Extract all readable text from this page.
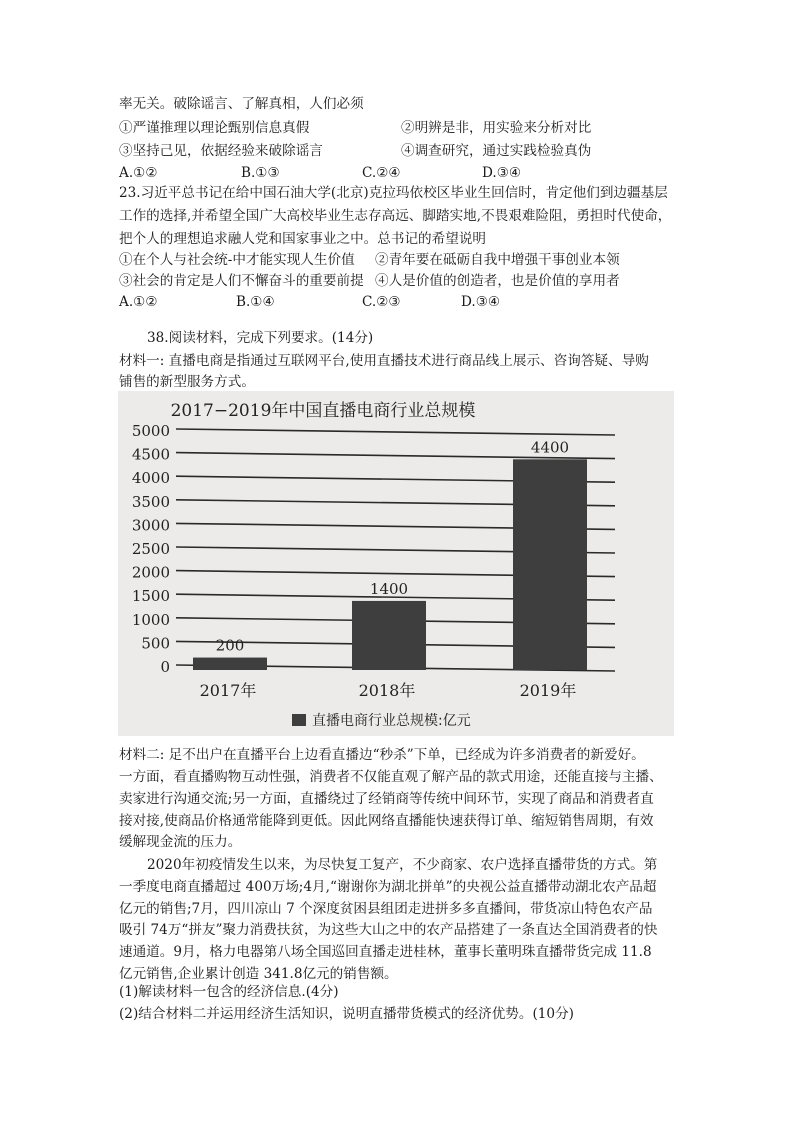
率无关。破除谣言、了解真相，人们必须
①严谨推理以理论甄别信息真假	②明辨是非，用实验来分析对比
③坚持己见，依据经验来破除谣言	④调查研究，通过实践检验真伪
A.①②	B.①③	C.②④	D.③④
23.习近平总书记在给中国石油大学(北京)克拉玛依校区毕业生回信时，肯定他们到边疆基层
工作的选择,并希望全国广大高校毕业生志存高远、脚踏实地,不畏艰难险阻，勇担时代使命，
把个人的理想追求融人党和国家事业之中。总书记的希望说明
①在个人与社会统-中才能实现人生价值 ②青年要在砥砺自我中增强干事创业本领
③社会的肯定是人们不懈奋斗的重要前提 ④人是价值的创造者，也是价值的享用者
A.①②	B.①④	C.②③	D.③④
38.阅读材料，完成下列要求。(14分)
材料一: 直播电商是指通过互联网平台,使用直播技术进行商品线上展示、咨询答疑、导购
铺售的新型服务方式。
0
500
1000
1500
2000
2500
3000
3500
4000
4500
5000
2017年	2018年	2019年
200
1400
4400
2017−2019年中国直播电商行业总规模
直播电商行业总规模:亿元
材料二: 足不出户在直播平台上边看直播边“秒杀”下单，已经成为许多消费者的新爱好。
一方面，看直播购物互动性强，消费者不仅能直观了解产品的款式用途，还能直接与主播、
卖家进行沟通交流;另一方面，直播绕过了经销商等传统中间环节，实现了商品和消费者直
接对接,使商品价格通常能降到更低。因此网络直播能快速获得订单、缩短销售周期，有效
缓解现金流的压力。
2020年初疫情发生以来，为尽快复工复产，不少商家、农户选择直播带货的方式。第
一季度电商直播超过 400万场;4月,“谢谢你为湖北拼单”的央视公益直播带动湖北农产品超
亿元的销售;7月，四川凉山 7 个深度贫困县组团走进拼多多直播间，带货凉山特色农产品
吸引 74万“拼友”聚力消费扶贫，为这些大山之中的农产品搭建了一条直达全国消费者的快
速通道。9月，格力电器第八场全国巡回直播走进桂林，董事长董明珠直播带货完成 11.8
亿元销售,企业累计创造 341.8亿元的销售额。
(1)解读材料一包含的经济信息.(4分)
(2)结合材料二并运用经济生活知识，说明直播带货模式的经济优势。(10分)
